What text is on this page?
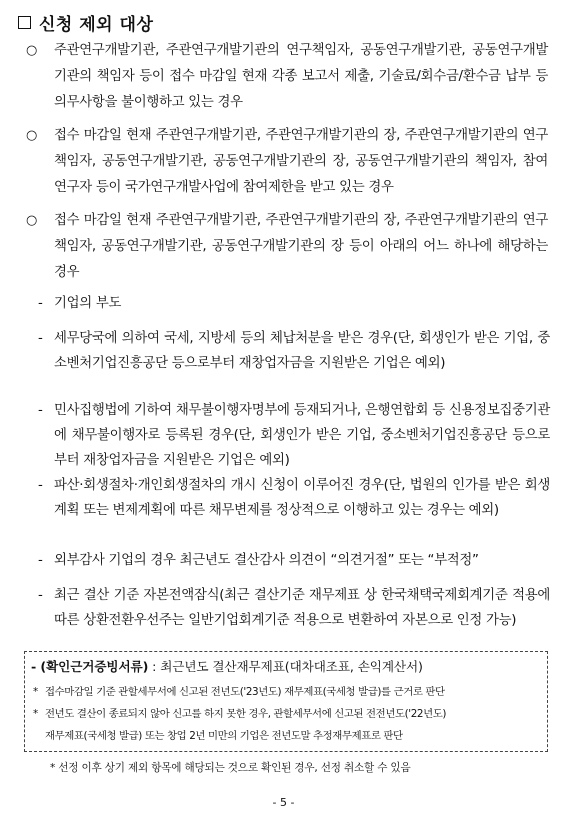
신청 제외 대상
○	주관연구개발기관, 주관연구개발기관의 연구책임자, 공동연구개발기관, 공동연구개발기관의 책임자 등이 접수 마감일 현재 각종 보고서 제출, 기술료/회수금/환수금 납부 등 의무사항을 불이행하고 있는 경우
○	접수 마감일 현재 주관연구개발기관, 주관연구개발기관의 장, 주관연구개발기관의 연구책임자, 공동연구개발기관, 공동연구개발기관의 장, 공동연구개발기관의 책임자, 참여연구자 등이 국가연구개발사업에 참여제한을 받고 있는 경우
○	접수 마감일 현재 주관연구개발기관, 주관연구개발기관의 장, 주관연구개발기관의 연구책임자, 공동연구개발기관, 공동연구개발기관의 장 등이 아래의 어느 하나에 해당하는 경우
- 기업의 부도
- 세무당국에 의하여 국세, 지방세 등의 체납처분을 받은 경우(단, 회생인가 받은 기업, 중소벤처기업진흥공단 등으로부터 재창업자금을 지원받은 기업은 예외)
- 민사집행법에 기하여 채무불이행자명부에 등재되거나, 은행연합회 등 신용정보집중기관에 채무불이행자로 등록된 경우(단, 회생인가 받은 기업, 중소벤처기업진흥공단 등으로부터 재창업자금을 지원받은 기업은 예외)
- 파산·회생절차·개인회생절차의 개시 신청이 이루어진 경우(단, 법원의 인가를 받은 회생계획 또는 변제계획에 따른 채무변제를 정상적으로 이행하고 있는 경우는 예외)
- 외부감사 기업의 경우 최근년도 결산감사 의견이 “의견거절” 또는 “부적정”
- 최근 결산 기준 자본전액잠식(최근 결산기준 재무제표 상 한국채택국제회계기준 적용에 따른 상환전환우선주는 일반기업회계기준 적용으로 변환하여 자본으로 인정 가능)
- (확인근거증빙서류) : 최근년도 결산재무제표(대차대조표, 손익계산서)
* 접수마감일 기준 관할세무서에 신고된 전년도('23년도) 재무제표(국세청 발급)를 근거로 판단
* 전년도 결산이 종료되지 않아 신고를 하지 못한 경우, 관할세무서에 신고된 전전년도('22년도)
재무제표(국세청 발급) 또는 창업 2년 미만의 기업은 전년도말 추정재무제표로 판단
* 선정 이후 상기 제외 항목에 해당되는 것으로 확인된 경우, 선정 취소할 수 있음
- 5 -
